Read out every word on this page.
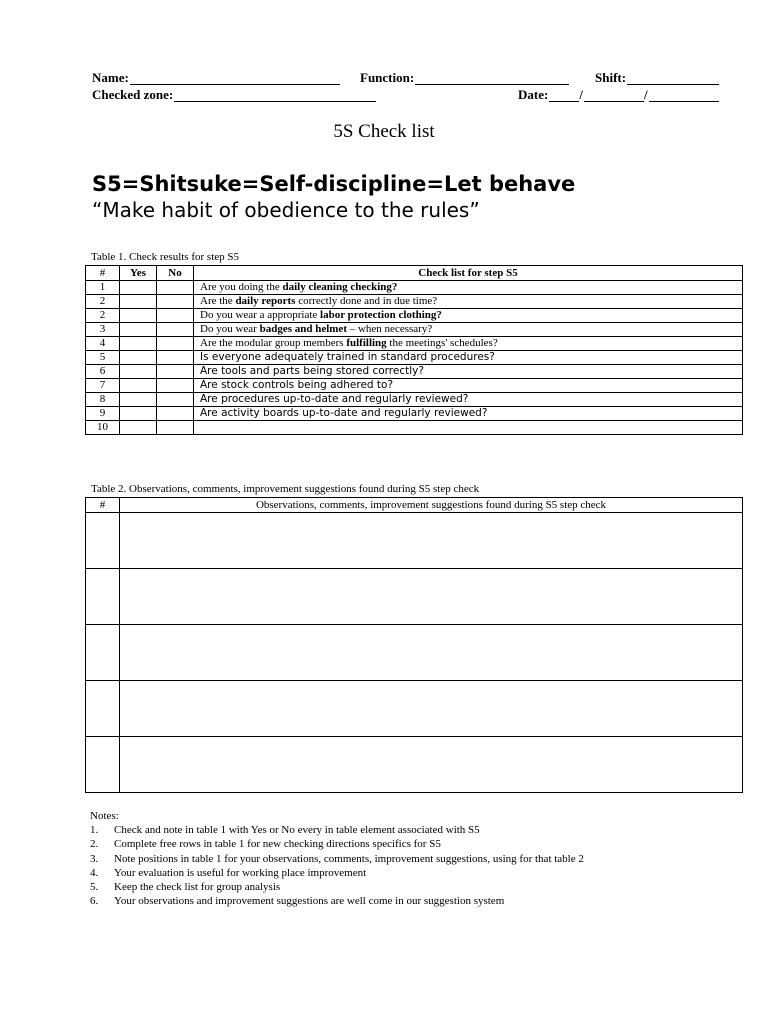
Name:	Function:	Shift:
Checked zone:	Date: /	/
5S Check list
S5=Shitsuke=Self-discipline=Let behave
“Make habit of obedience to the rules”
Table 1. Check results for step S5
#	Yes	No	Check list for step S5
1			Are you doing the daily cleaning checking?
2			Are the daily reports correctly done and in due time?
2			Do you wear a appropriate labor protection clothing?
3			Do you wear badges and helmet – when necessary?
4			Are the modular group members fulfilling the meetings' schedules?
5			Is everyone adequately trained in standard procedures?
6			Are tools and parts being stored correctly?
7			Are stock controls being adhered to?
8			Are procedures up-to-date and regularly reviewed?
9			Are activity boards up-to-date and regularly reviewed?
10			
Table 2. Observations, comments, improvement suggestions found during S5 step check
#	Observations, comments, improvement suggestions found during S5 step check

Notes:
1.	Check and note in table 1 with Yes or No every in table element associated with S5
2.	Complete free rows in table 1 for new checking directions specifics for S5
3.	Note positions in table 1 for your observations, comments, improvement suggestions, using for that table 2
4.	Your evaluation is useful for working place improvement
5.	Keep the check list for group analysis
6.	Your observations and improvement suggestions are well come in our suggestion system
